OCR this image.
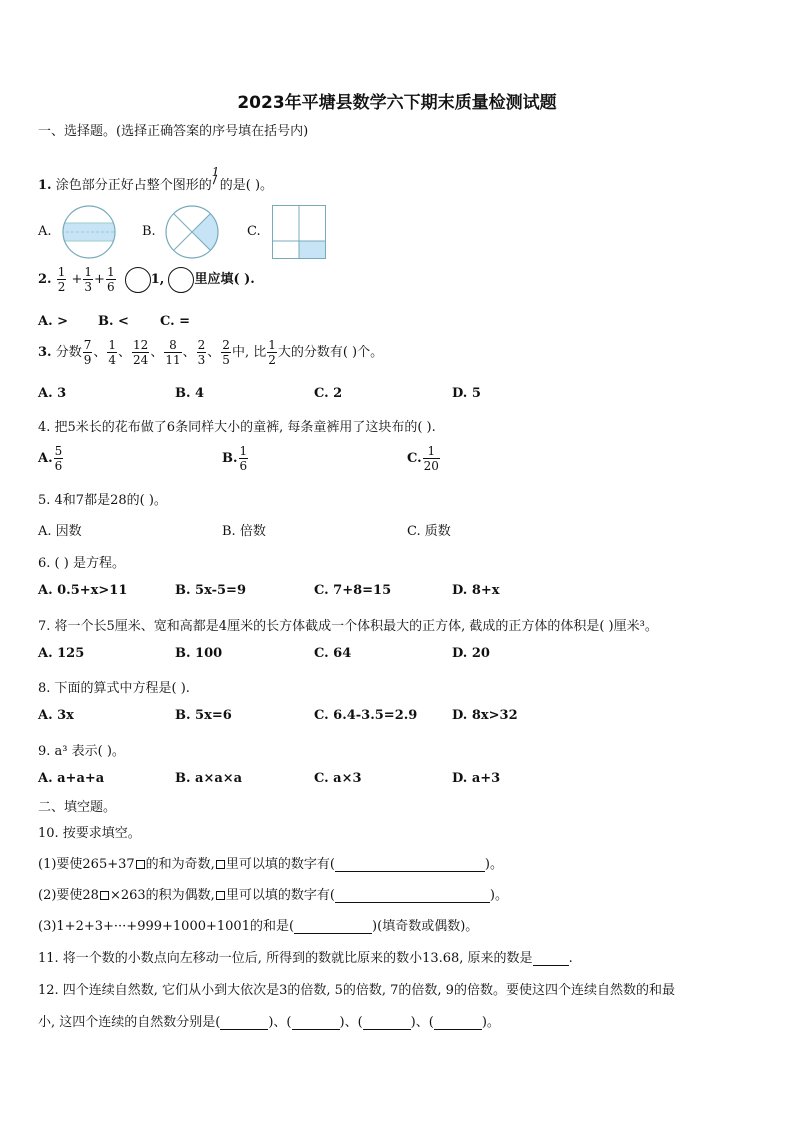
2023年平塘县数学六下期末质量检测试题
一、选择题。(选择正确答案的序号填在括号内)
1. 涂色部分正好占整个图形的
1
的是( )。
A.	B.	C.
2. $\frac{1}{2} + \frac{1}{3} + \frac{1}{6}$	1, 里应填( ).
A. > B. < C. =
3. 分数 $\frac{7}{9}$ 、 $\frac{1}{4}$ 、 $\frac{12}{24}$ 、 $\frac{8}{11}$ 、 $\frac{2}{3}$ 、 $\frac{2}{5}$ 中, 比 $\frac{1}{2}$ 大的分数有( )个。
A. 3	B. 4	C. 2	D. 5
4. 把5米长的花布做了6条同样大小的童裤, 每条童裤用了这块布的( ).
A. $\frac{5}{6}$	B. $\frac{1}{6}$	C. $\frac{1}{20}$
5. 4和7都是28的( )。
A. 因数	B. 倍数	C. 质数
6. ( ) 是方程。
A. 0.5+x>11	B. 5x-5=9	C. 7+8=15	D. 8+x
7. 将一个长5厘米、宽和高都是4厘米的长方体截成一个体积最大的正方体, 截成的正方体的体积是( )厘米³。
A. 125	B. 100	C. 64	D. 20
8. 下面的算式中方程是( ).
A. 3x	B. 5x=6	C. 6.4-3.5=2.9	D. 8x>32
9. a³ 表示( )。
A. a+a+a	B. a×a×a	C. a×3	D. a+3
二、填空题。
10. 按要求填空。
(1)要使265+37 的和为奇数, 里可以填的数字有(	)。
(2)要使28 ×263的积为偶数, 里可以填的数字有(	)。
(3)1+2+3+···+999+1000+1001的和是(	)(填奇数或偶数)。
11. 将一个数的小数点向左移动一位后, 所得到的数就比原来的数小13.68, 原来的数是	.
12. 四个连续自然数, 它们从小到大依次是3的倍数, 5的倍数, 7的倍数, 9的倍数。要使这四个连续自然数的和最
小, 这四个连续的自然数分别是(	)、(	)、(	)、(	)。
